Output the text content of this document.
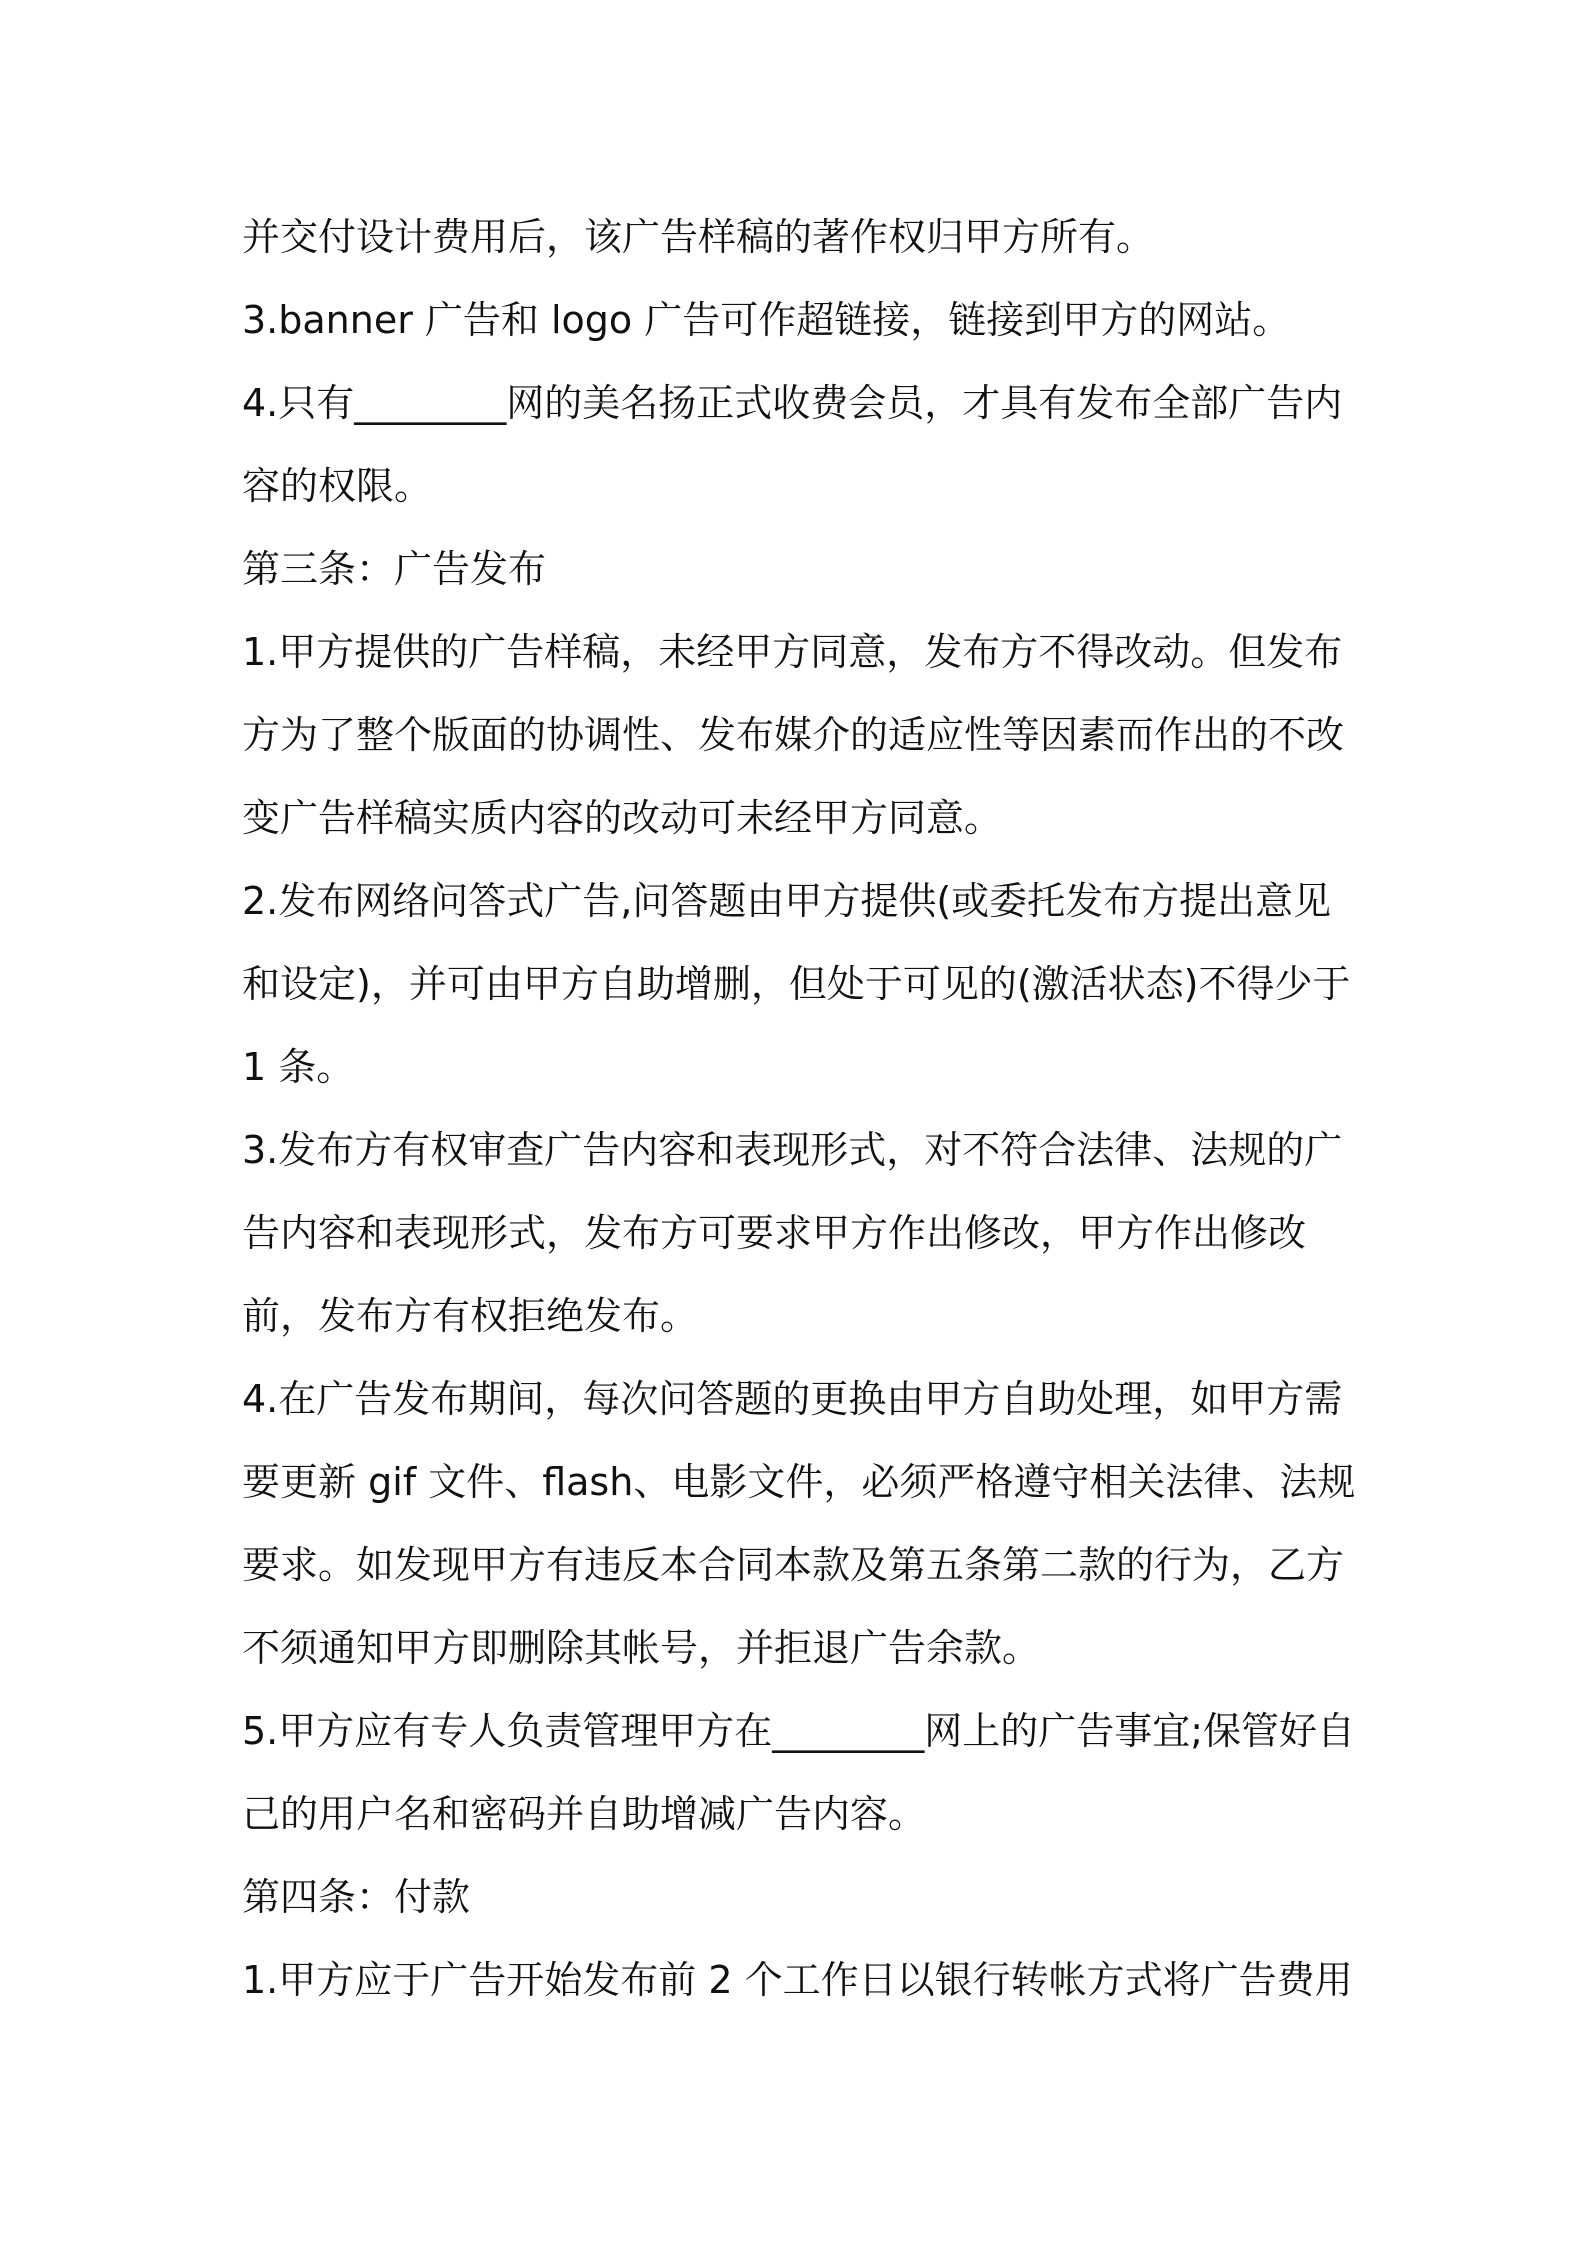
并交付设计费用后，该广告样稿的著作权归甲方所有。

3.banner 广告和 logo 广告可作超链接，链接到甲方的网站。

4.只有________网的美名扬正式收费会员，才具有发布全部广告内容的权限。

第三条：广告发布

1.甲方提供的广告样稿，未经甲方同意，发布方不得改动。但发布方为了整个版面的协调性、发布媒介的适应性等因素而作出的不改变广告样稿实质内容的改动可未经甲方同意。

2.发布网络问答式广告,问答题由甲方提供(或委托发布方提出意见和设定)，并可由甲方自助增删，但处于可见的(激活状态)不得少于 1 条。

3.发布方有权审查广告内容和表现形式，对不符合法律、法规的广告内容和表现形式，发布方可要求甲方作出修改，甲方作出修改前，发布方有权拒绝发布。

4.在广告发布期间，每次问答题的更换由甲方自助处理，如甲方需要更新 gif 文件、flash、电影文件，必须严格遵守相关法律、法规要求。如发现甲方有违反本合同本款及第五条第二款的行为，乙方不须通知甲方即删除其帐号，并拒退广告余款。

5.甲方应有专人负责管理甲方在________网上的广告事宜;保管好自己的用户名和密码并自助增减广告内容。

第四条：付款

1.甲方应于广告开始发布前 2 个工作日以银行转帐方式将广告费用
